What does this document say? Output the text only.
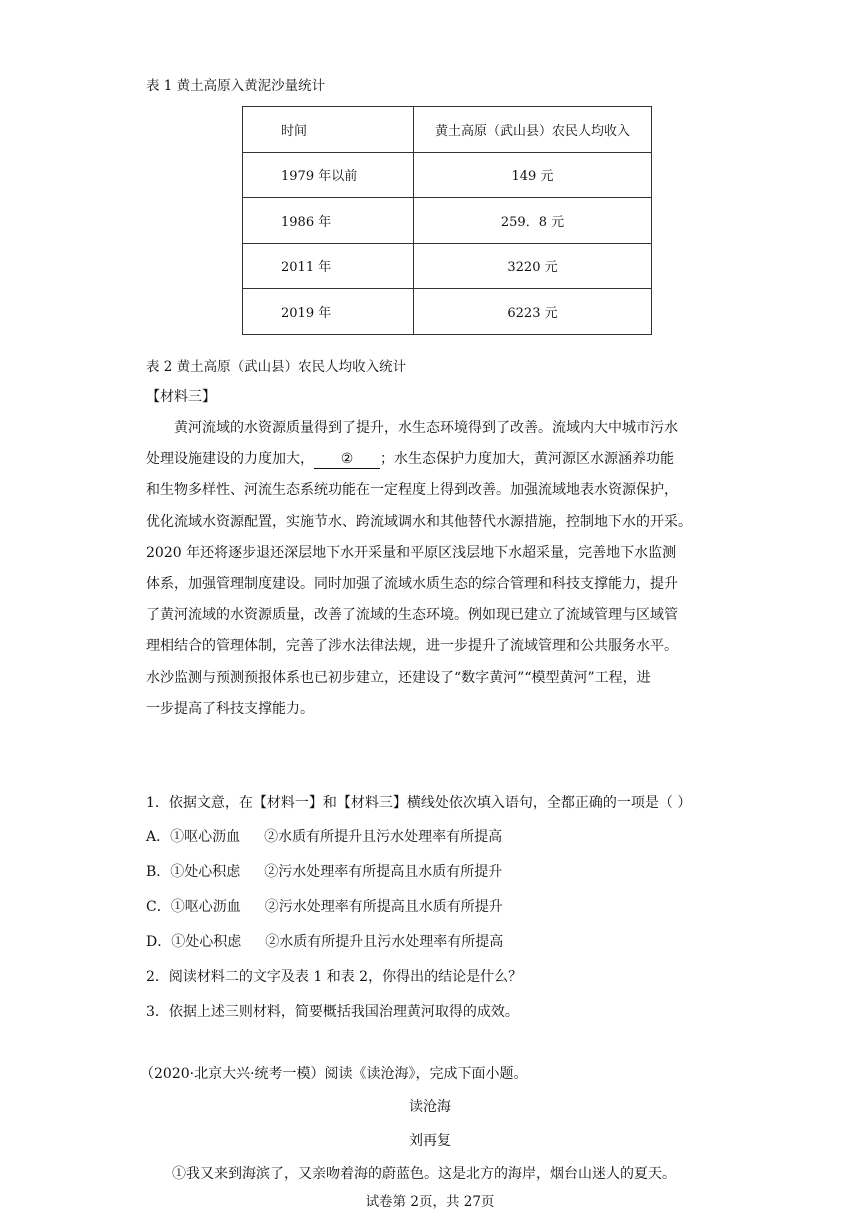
表 1 黄土高原入黄泥沙量统计
时间	黄土高原（武山县）农民人均收入
1979 年以前	149 元
1986 年	259．8 元
2011 年	3220 元
2019 年	6223 元
表 2 黄土高原（武山县）农民人均收入统计
【材料三】

黄河流域的水资源质量得到了提升，水生态环境得到了改善。流域内大中城市污水

处理设施建设的力度加大， ② ；水生态保护力度加大，黄河源区水源涵养功能

和生物多样性、河流生态系统功能在一定程度上得到改善。加强流域地表水资源保护，

优化流域水资源配置，实施节水、跨流域调水和其他替代水源措施，控制地下水的开采。

2020 年还将逐步退还深层地下水开采量和平原区浅层地下水超采量，完善地下水监测

体系，加强管理制度建设。同时加强了流域水质生态的综合管理和科技支撑能力，提升

了黄河流域的水资源质量，改善了流域的生态环境。例如现已建立了流域管理与区域管

理相结合的管理体制，完善了涉水法律法规，进一步提升了流域管理和公共服务水平。

水沙监测与预测预报体系也已初步建立，还建设了“数字黄河”“模型黄河”工程，进

一步提高了科技支撑能力。

1．依据文意，在【材料一】和【材料三】横线处依次填入语句，全都正确的一项是（ ）
A．①呕心沥血 ②水质有所提升且污水处理率有所提高
B．①处心积虑 ②污水处理率有所提高且水质有所提升
C．①呕心沥血 ②污水处理率有所提高且水质有所提升
D．①处心积虑 ②水质有所提升且污水处理率有所提高
2．阅读材料二的文字及表 1 和表 2，你得出的结论是什么？
3．依据上述三则材料，简要概括我国治理黄河取得的成效。
（2020·北京大兴·统考一模）阅读《读沧海》，完成下面小题。
读沧海
刘再复
①我又来到海滨了，又亲吻着海的蔚蓝色。这是北方的海岸，烟台山迷人的夏天。
试卷第 2页，共 27页
